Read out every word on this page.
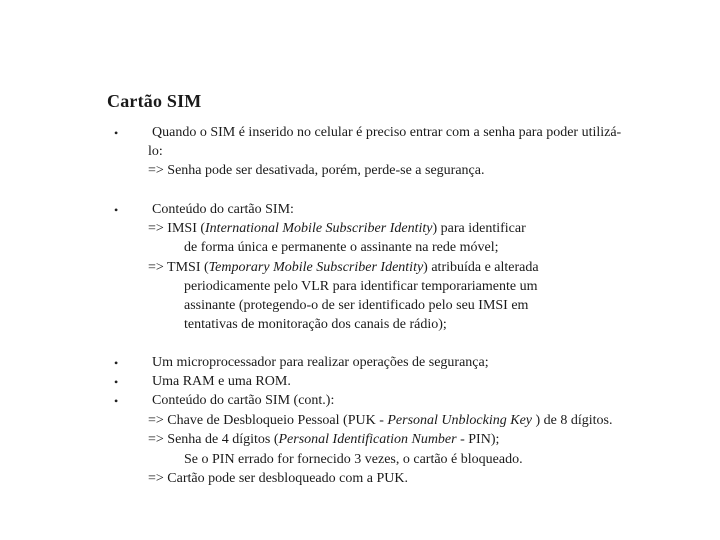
Cartão SIM
• Quando o SIM é inserido no celular é preciso entrar com a senha para poder utilizá-
lo:
=> Senha pode ser desativada, porém, perde-se a segurança.
• Conteúdo do cartão SIM:
=> IMSI (International Mobile Subscriber Identity) para identificar
de forma única e permanente o assinante na rede móvel;
=> TMSI (Temporary Mobile Subscriber Identity) atribuída e alterada
periodicamente pelo VLR para identificar temporariamente um
assinante (protegendo-o de ser identificado pelo seu IMSI em
tentativas de monitoração dos canais de rádio);
• Um microprocessador para realizar operações de segurança;
• Uma RAM e uma ROM.
• Conteúdo do cartão SIM (cont.):
=> Chave de Desbloqueio Pessoal (PUK - Personal Unblocking Key ) de 8 dígitos.
=> Senha de 4 dígitos (Personal Identification Number - PIN);
Se o PIN errado for fornecido 3 vezes, o cartão é bloqueado.
=> Cartão pode ser desbloqueado com a PUK.
